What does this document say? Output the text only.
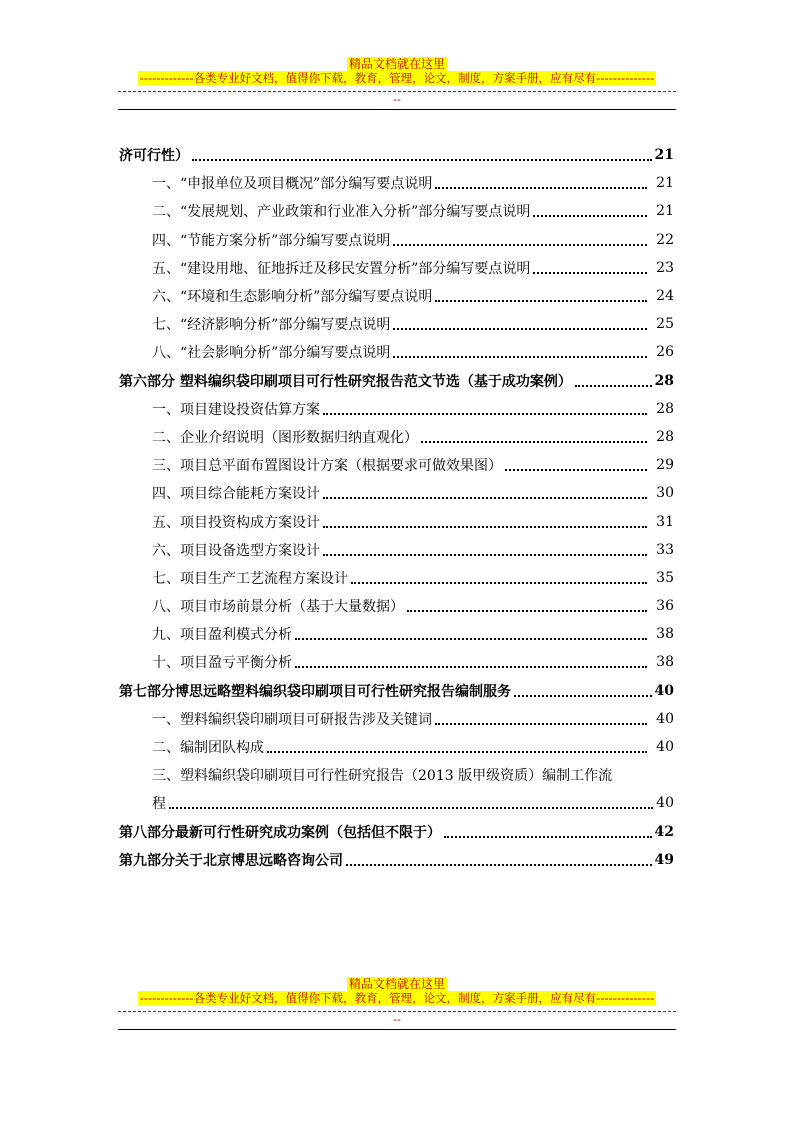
精品文档就在这里
-------------各类专业好文档，值得你下载，教育，管理，论文，制度，方案手册，应有尽有--------------
--
济可行性）	21
一、“申报单位及项目概况”部分编写要点说明	21
二、“发展规划、产业政策和行业准入分析”部分编写要点说明	21
四、“节能方案分析”部分编写要点说明	22
五、“建设用地、征地拆迁及移民安置分析”部分编写要点说明	23
六、“环境和生态影响分析”部分编写要点说明	24
七、“经济影响分析”部分编写要点说明	25
八、“社会影响分析”部分编写要点说明	26
第六部分 塑料编织袋印刷项目可行性研究报告范文节选（基于成功案例）	28
一、项目建设投资估算方案	28
二、企业介绍说明（图形数据归纳直观化）	28
三、项目总平面布置图设计方案（根据要求可做效果图）	29
四、项目综合能耗方案设计	30
五、项目投资构成方案设计	31
六、项目设备选型方案设计	33
七、项目生产工艺流程方案设计	35
八、项目市场前景分析（基于大量数据）	36
九、项目盈利模式分析	38
十、项目盈亏平衡分析	38
第七部分博思远略塑料编织袋印刷项目可行性研究报告编制服务	40
一、塑料编织袋印刷项目可研报告涉及关键词	40
二、编制团队构成	40
三、塑料编织袋印刷项目可行性研究报告（2013 版甲级资质）编制工作流
程	40
第八部分最新可行性研究成功案例（包括但不限于）	42
第九部分关于北京博思远略咨询公司	49
精品文档就在这里
-------------各类专业好文档，值得你下载，教育，管理，论文，制度，方案手册，应有尽有--------------
--
